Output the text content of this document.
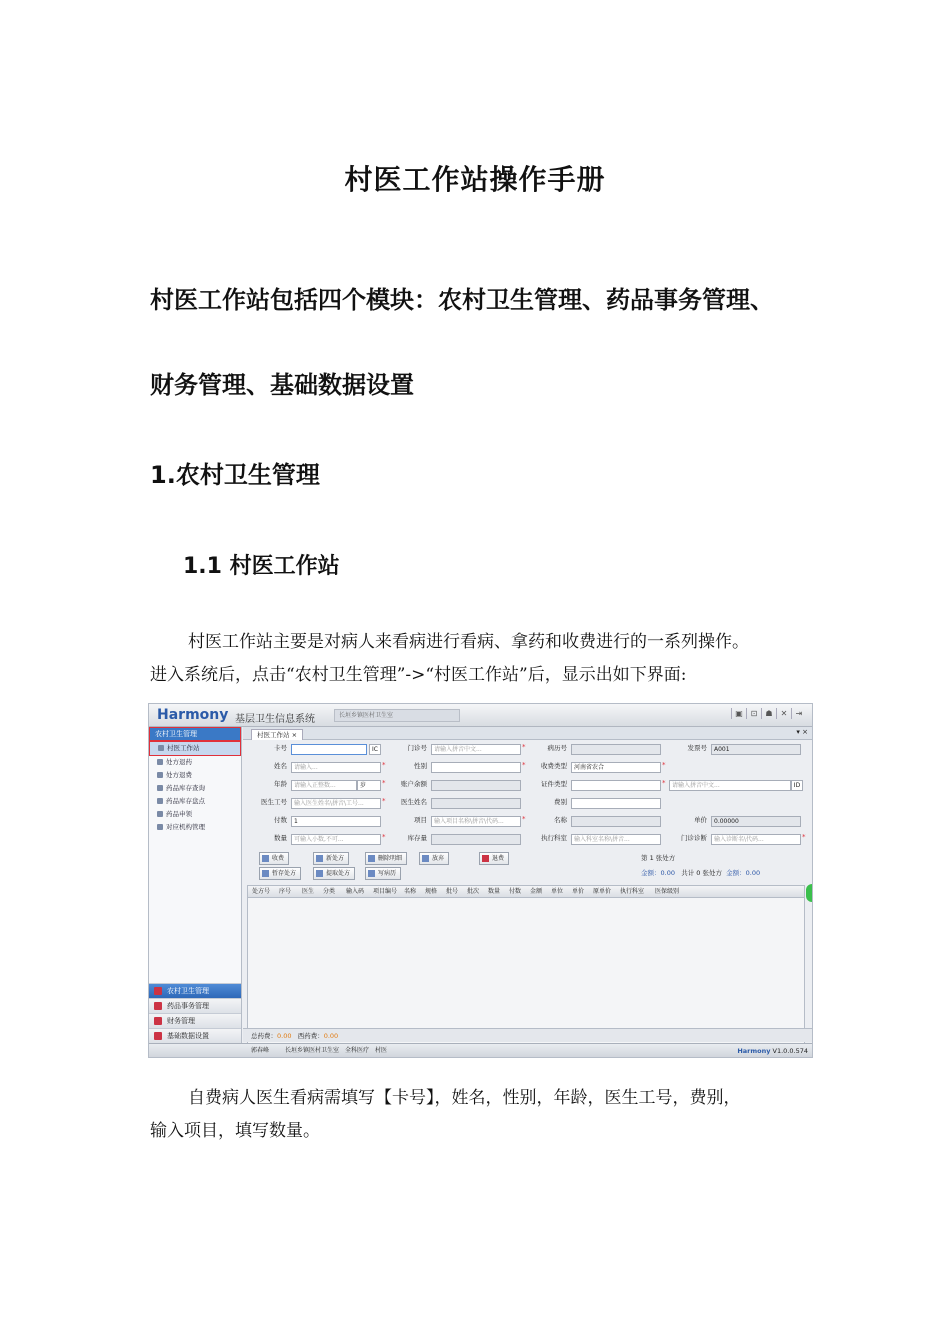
村医工作站操作手册
村医工作站包括四个模块：农村卫生管理、药品事务管理、
财务管理、基础数据设置
1.农村卫生管理
1.1 村医工作站
村医工作站主要是对病人来看病进行看病、拿药和收费进行的一系列操作。
进入系统后，点击“农村卫生管理”->“村医工作站”后，显示出如下界面:
Harmony 基层卫生信息系统	长垣乡镇医村卫生室	▣ ⊡ ☗ ✕ ⇥
农村卫生管理
村医工作站
处方退药
处方退费
药品库存查询
药品库存盘点
药品申领
对应机构管理
农村卫生管理
药品事务管理
财务管理
基础数据设置
村医工作站 ×	▾ ×
卡号	IC	门诊号	请输入拼音中文...	*	病历号	发票号	A001
姓名	请输入...	*	性别	*	收费类型	河南省农合	*
年龄	请输入正整数...	岁	*	账户余额	证件类型	*	请输入拼音中文...	ID
医生工号	输入医生姓名\拼音\工号...	*	医生姓名	费别
付数	1	项目	输入项目名称\拼音\代码...	*	名称	单价	0.00000
数量	可输入小数,不可...	*	库存量	执行科室	输入科室名称\拼音...	门诊诊断	输入诊断名\代码...	*
收费	新处方	删除明细	放弃	退费	第 1 张处方
暂存处方	提取处方	写病历	金额：0.00 共计 0 张处方 金额：0.00
处方号 序号 医生 分类 输入码 项目编号 名称 规格 批号 批次 数量 付数 金额 单位 单价 原单价 执行科室 医保级别
总药费：0.00 西药费：0.00
郭春峰	长垣乡镇医村卫生室 全科医疗 村医	Harmony V1.0.0.574
自费病人医生看病需填写【卡号】，姓名，性别，年龄，医生工号，费别，
输入项目，填写数量。
